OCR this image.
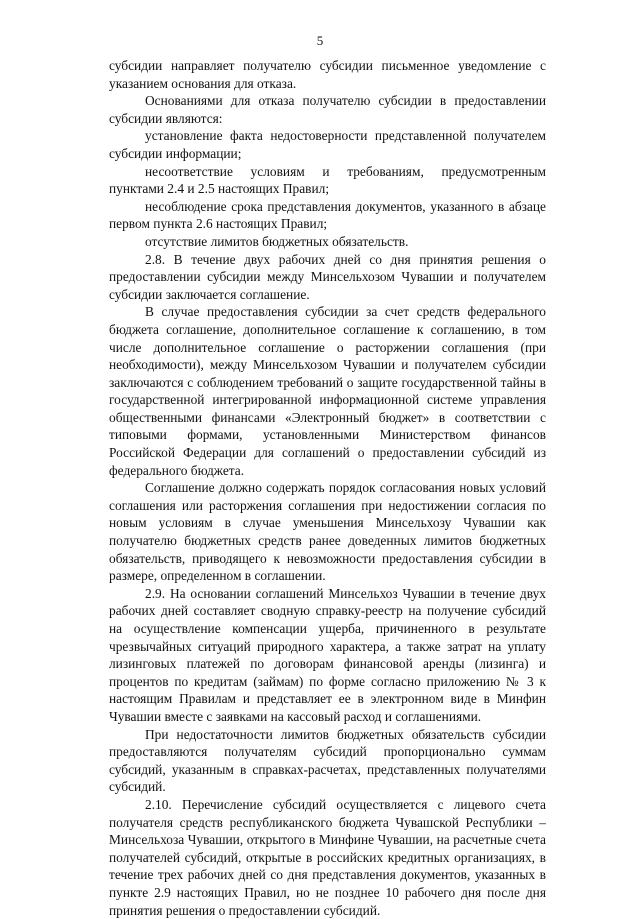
5

субсидии направляет получателю субсидии письменное уведомление с указанием основания для отказа.

Основаниями для отказа получателю субсидии в предоставлении субсидии являются:

установление факта недостоверности представленной получателем субсидии информации;

несоответствие условиям и требованиям, предусмотренным пунктами 2.4 и 2.5 настоящих Правил;

несоблюдение срока представления документов, указанного в абзаце первом пункта 2.6 настоящих Правил;

отсутствие лимитов бюджетных обязательств.

2.8. В течение двух рабочих дней со дня принятия решения о предоставлении субсидии между Минсельхозом Чувашии и получателем субсидии заключается соглашение.

В случае предоставления субсидии за счет средств федерального бюджета соглашение, дополнительное соглашение к соглашению, в том числе дополнительное соглашение о расторжении соглашения (при необходимости), между Минсельхозом Чувашии и получателем субсидии заключаются с соблюдением требований о защите государственной тайны в государственной интегрированной информационной системе управления общественными финансами «Электронный бюджет» в соответствии с типовыми формами, установленными Министерством финансов Российской Федерации для соглашений о предоставлении субсидий из федерального бюджета.

Соглашение должно содержать порядок согласования новых условий соглашения или расторжения соглашения при недостижении согласия по новым условиям в случае уменьшения Минсельхозу Чувашии как получателю бюджетных средств ранее доведенных лимитов бюджетных обязательств, приводящего к невозможности предоставления субсидии в размере, определенном в соглашении.

2.9. На основании соглашений Минсельхоз Чувашии в течение двух рабочих дней составляет сводную справку-реестр на получение субсидий на осуществление компенсации ущерба, причиненного в результате чрезвычайных ситуаций природного характера, а также затрат на уплату лизинговых платежей по договорам финансовой аренды (лизинга) и процентов по кредитам (займам) по форме согласно приложению № 3 к настоящим Правилам и представляет ее в электронном виде в Минфин Чувашии вместе с заявками на кассовый расход и соглашениями.

При недостаточности лимитов бюджетных обязательств субсидии предоставляются получателям субсидий пропорционально суммам субсидий, указанным в справках-расчетах, представленных получателями субсидий.

2.10. Перечисление субсидий осуществляется с лицевого счета получателя средств республиканского бюджета Чувашской Республики – Минсельхоза Чувашии, открытого в Минфине Чувашии, на расчетные счета получателей субсидий, открытые в российских кредитных организациях, в течение трех рабочих дней со дня представления документов, указанных в пункте 2.9 настоящих Правил, но не позднее 10 рабочего дня после дня принятия решения о предоставлении субсидий.
